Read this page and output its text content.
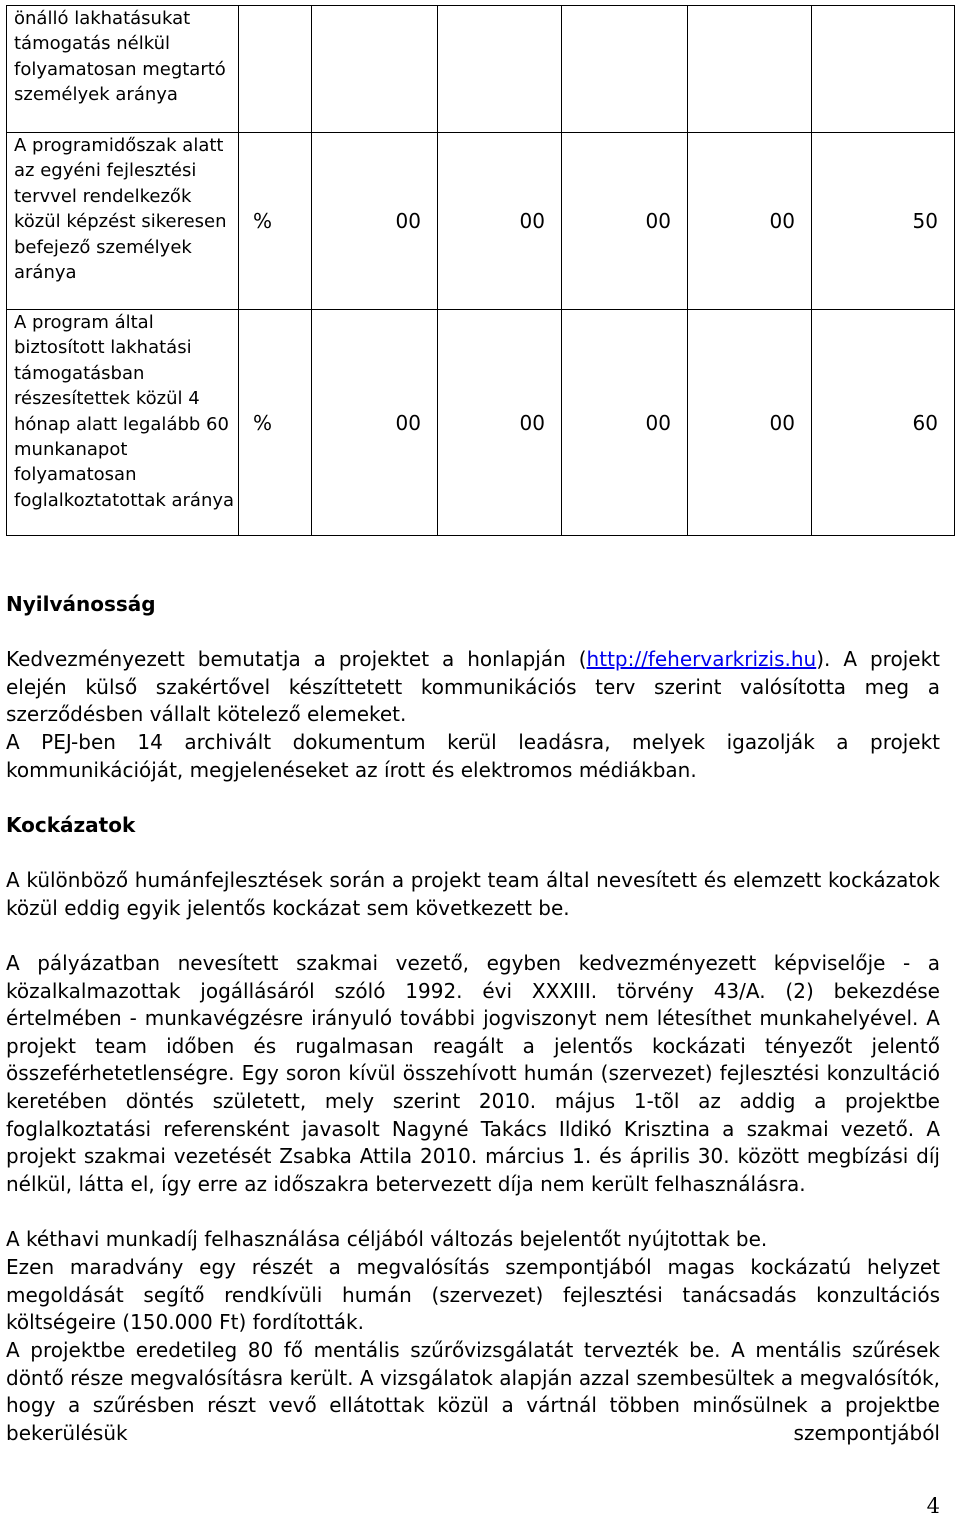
önálló lakhatásukat támogatás nélkül folyamatosan megtartó személyek aránya						
A programidőszak alatt az egyéni fejlesztési tervvel rendelkezők közül képzést sikeresen befejező személyek aránya	%	00	00	00	00	50
A program által biztosított lakhatási támogatásban részesítettek közül 4 hónap alatt legalább 60 munkanapot folyamatosan foglalkoztatottak aránya	%	00	00	00	00	60
Nyilvánosság

Kedvezményezett bemutatja a projektet a honlapján (http://fehervarkrizis.hu). A projekt elején külső szakértővel készíttetett kommunikációs terv szerint valósította meg a szerződésben vállalt kötelező elemeket.

A PEJ-ben 14 archivált dokumentum kerül leadásra, melyek igazolják a projekt kommunikációját, megjelenéseket az írott és elektromos médiákban.

Kockázatok

A különböző humánfejlesztések során a projekt team által nevesített és elemzett kockázatok közül eddig egyik jelentős kockázat sem következett be.

A pályázatban nevesített szakmai vezető, egyben kedvezményezett képviselője - a közalkalmazottak jogállásáról szóló 1992. évi XXXIII. törvény 43/A. (2) bekezdése értelmében - munkavégzésre irányuló további jogviszonyt nem létesíthet munkahelyével. A projekt team időben és rugalmasan reagált a jelentős kockázati tényezőt jelentő összeférhetetlenségre. Egy soron kívül összehívott humán (szervezet) fejlesztési konzultáció keretében döntés született, mely szerint 2010. május 1-tõl az addig a projektbe foglalkoztatási referensként javasolt Nagyné Takács Ildikó Krisztina a szakmai vezető. A projekt szakmai vezetését Zsabka Attila 2010. március 1. és április 30. között megbízási díj nélkül, látta el, így erre az időszakra betervezett díja nem került felhasználásra.

A kéthavi munkadíj felhasználása céljából változás bejelentőt nyújtottak be.

Ezen maradvány egy részét a megvalósítás szempontjából magas kockázatú helyzet megoldását segítő rendkívüli humán (szervezet) fejlesztési tanácsadás konzultációs költségeire (150.000 Ft) fordították.

A projektbe eredetileg 80 fő mentális szűrővizsgálatát tervezték be. A mentális szűrések döntő része megvalósításra került. A vizsgálatok alapján azzal szembesültek a megvalósítók, hogy a szűrésben részt vevő ellátottak közül a vártnál többen minősülnek a projektbe bekerülésük szempontjából

4
